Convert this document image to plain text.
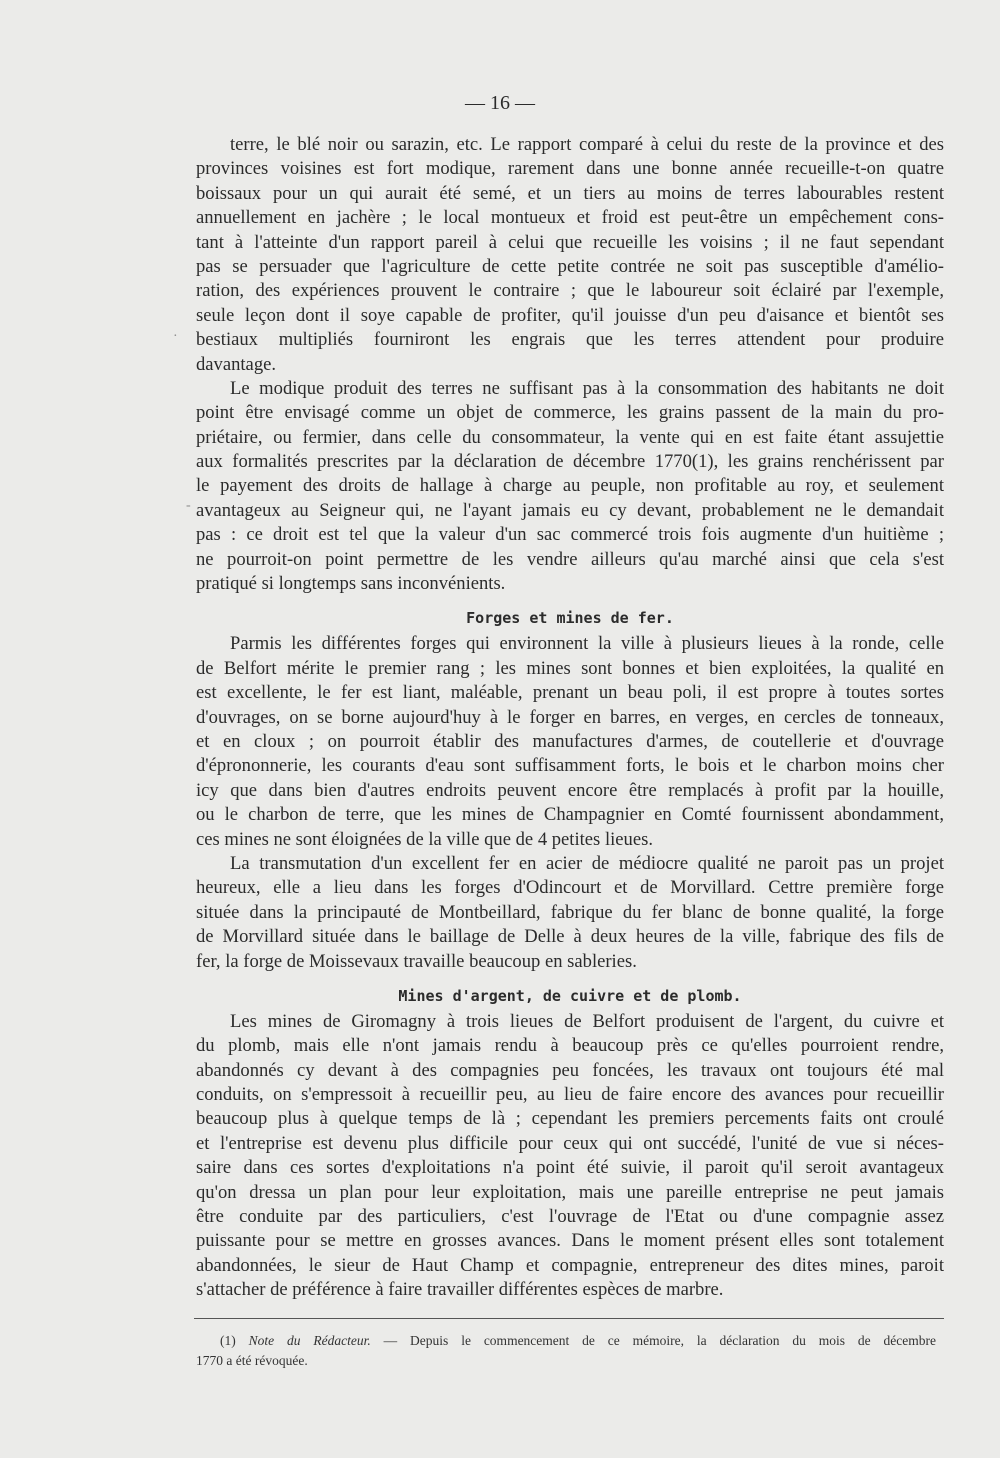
— 16 —
·
-
terre, le blé noir ou sarazin, etc. Le rapport comparé à celui du reste de la province et des
provinces voisines est fort modique, rarement dans une bonne année recueille-t-on quatre
boissaux pour un qui aurait été semé, et un tiers au moins de terres labourables restent
annuellement en jachère ; le local montueux et froid est peut-être un empêchement cons-
tant à l'atteinte d'un rapport pareil à celui que recueille les voisins ; il ne faut sependant
pas se persuader que l'agriculture de cette petite contrée ne soit pas susceptible d'amélio-
ration, des expériences prouvent le contraire ; que le laboureur soit éclairé par l'exemple,
seule leçon dont il soye capable de profiter, qu'il jouisse d'un peu d'aisance et bientôt ses
bestiaux multipliés fourniront les engrais que les terres attendent pour produire
davantage.
Le modique produit des terres ne suffisant pas à la consommation des habitants ne doit
point être envisagé comme un objet de commerce, les grains passent de la main du pro-
priétaire, ou fermier, dans celle du consommateur, la vente qui en est faite étant assujettie
aux formalités prescrites par la déclaration de décembre 1770(1), les grains renchérissent par
le payement des droits de hallage à charge au peuple, non profitable au roy, et seulement
avantageux au Seigneur qui, ne l'ayant jamais eu cy devant, probablement ne le demandait
pas : ce droit est tel que la valeur d'un sac commercé trois fois augmente d'un huitième ;
ne pourroit-on point permettre de les vendre ailleurs qu'au marché ainsi que cela s'est
pratiqué si longtemps sans inconvénients.
Forges et mines de fer.
Parmis les différentes forges qui environnent la ville à plusieurs lieues à la ronde, celle
de Belfort mérite le premier rang ; les mines sont bonnes et bien exploitées, la qualité en
est excellente, le fer est liant, maléable, prenant un beau poli, il est propre à toutes sortes
d'ouvrages, on se borne aujourd'huy à le forger en barres, en verges, en cercles de tonneaux,
et en cloux ; on pourroit établir des manufactures d'armes, de coutellerie et d'ouvrage
d'éprononnerie, les courants d'eau sont suffisamment forts, le bois et le charbon moins cher
icy que dans bien d'autres endroits peuvent encore être remplacés à profit par la houille,
ou le charbon de terre, que les mines de Champagnier en Comté fournissent abondamment,
ces mines ne sont éloignées de la ville que de 4 petites lieues.
La transmutation d'un excellent fer en acier de médiocre qualité ne paroit pas un projet
heureux, elle a lieu dans les forges d'Odincourt et de Morvillard. Cettre première forge
située dans la principauté de Montbeillard, fabrique du fer blanc de bonne qualité, la forge
de Morvillard située dans le baillage de Delle à deux heures de la ville, fabrique des fils de
fer, la forge de Moissevaux travaille beaucoup en sableries.
Mines d'argent, de cuivre et de plomb.
Les mines de Giromagny à trois lieues de Belfort produisent de l'argent, du cuivre et
du plomb, mais elle n'ont jamais rendu à beaucoup près ce qu'elles pourroient rendre,
abandonnés cy devant à des compagnies peu foncées, les travaux ont toujours été mal
conduits, on s'empressoit à recueillir peu, au lieu de faire encore des avances pour recueillir
beaucoup plus à quelque temps de là ; cependant les premiers percements faits ont croulé
et l'entreprise est devenu plus difficile pour ceux qui ont succédé, l'unité de vue si néces-
saire dans ces sortes d'exploitations n'a point été suivie, il paroit qu'il seroit avantageux
qu'on dressa un plan pour leur exploitation, mais une pareille entreprise ne peut jamais
être conduite par des particuliers, c'est l'ouvrage de l'Etat ou d'une compagnie assez
puissante pour se mettre en grosses avances. Dans le moment présent elles sont totalement
abandonnées, le sieur de Haut Champ et compagnie, entrepreneur des dites mines, paroit
s'attacher de préférence à faire travailler différentes espèces de marbre.
(1) Note du Rédacteur. — Depuis le commencement de ce mémoire, la déclaration du mois de décembre
1770 a été révoquée.
